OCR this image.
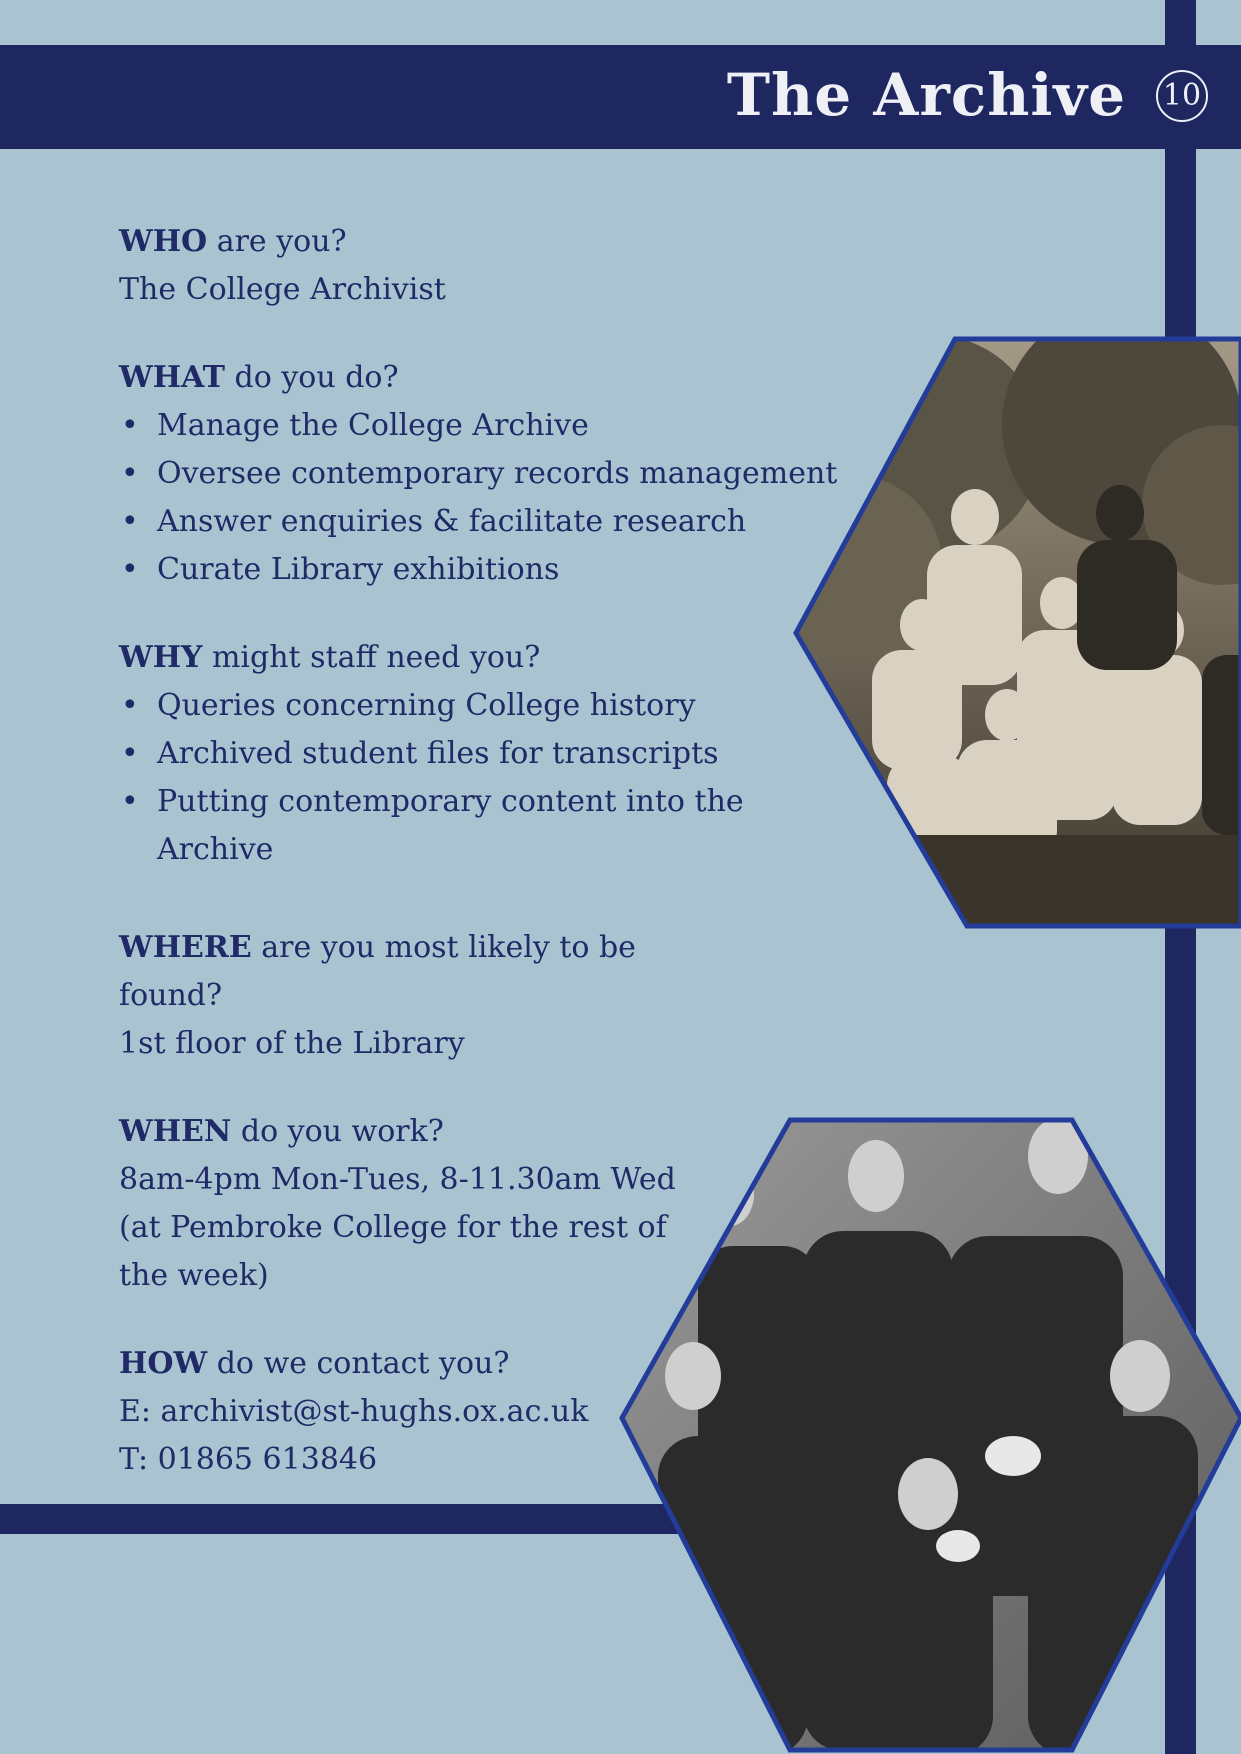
The Archive 10

WHO are you?

The College Archivist

WHAT do you do?

• Manage the College Archive
• Oversee contemporary records management
• Answer enquiries & facilitate research
• Curate Library exhibitions

WHY might staff need you?

• Queries concerning College history
• Archived student files for transcripts
• Putting contemporary content into the Archive

WHERE are you most likely to be

found?

1st floor of the Library

WHEN do you work?

8am-4pm Mon-Tues, 8-11.30am Wed

(at Pembroke College for the rest of

the week)

HOW do we contact you?

E: archivist@st-hughs.ox.ac.uk

T: 01865 613846
